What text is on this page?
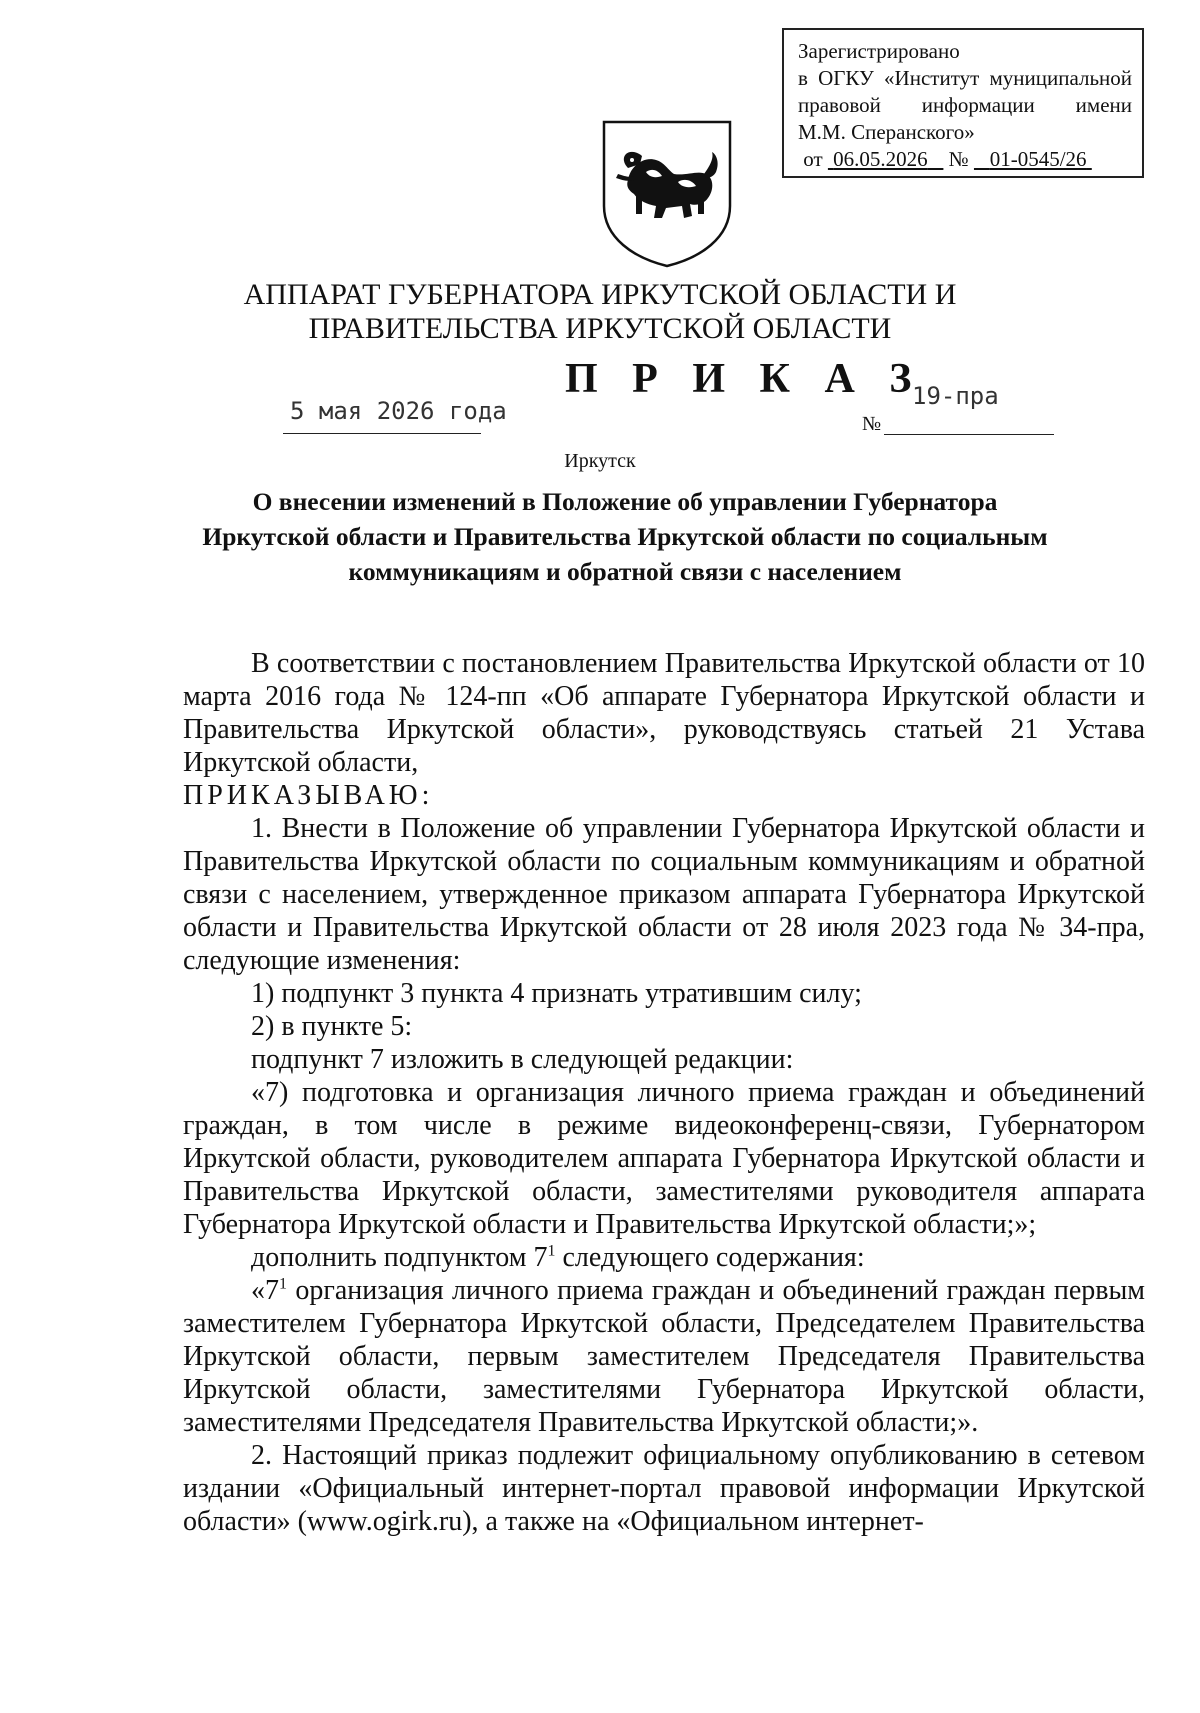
Зарегистрировано
в ОГКУ «Институт муниципальной
правовой информации имени
М.М. Сперанского»
от 06.05.2026 № 01-0545/26
АППАРАТ ГУБЕРНАТОРА ИРКУТСКОЙ ОБЛАСТИ И
ПРАВИТЕЛЬСТВА ИРКУТСКОЙ ОБЛАСТИ
П Р И К А З
5 мая 2026 года
19-пра
№
Иркутск
О внесении изменений в Положение об управлении Губернатора Иркутской области и Правительства Иркутской области по социальным коммуникациям и обратной связи с населением

В соответствии с постановлением Правительства Иркутской области от 10 марта 2016 года № 124-пп «Об аппарате Губернатора Иркутской области и Правительства Иркутской области», руководствуясь статьей 21 Устава Иркутской области,

ПРИКАЗЫВАЮ:

1. Внести в Положение об управлении Губернатора Иркутской области и Правительства Иркутской области по социальным коммуникациям и обратной связи с населением, утвержденное приказом аппарата Губернатора Иркутской области и Правительства Иркутской области от 28 июля 2023 года № 34-пра, следующие изменения:

1) подпункт 3 пункта 4 признать утратившим силу;

2) в пункте 5:

подпункт 7 изложить в следующей редакции:

«7) подготовка и организация личного приема граждан и объединений граждан, в том числе в режиме видеоконференц-связи, Губернатором Иркутской области, руководителем аппарата Губернатора Иркутской области и Правительства Иркутской области, заместителями руководителя аппарата Губернатора Иркутской области и Правительства Иркутской области;»;

дополнить подпунктом $7^1$ следующего содержания:

«$7^1$ организация личного приема граждан и объединений граждан первым заместителем Губернатора Иркутской области, Председателем Правительства Иркутской области, первым заместителем Председателя Правительства Иркутской области, заместителями Губернатора Иркутской области, заместителями Председателя Правительства Иркутской области;».

2. Настоящий приказ подлежит официальному опубликованию в сетевом издании «Официальный интернет-портал правовой информации Иркутской области» (www.ogirk.ru), а также на «Официальном интернет-
